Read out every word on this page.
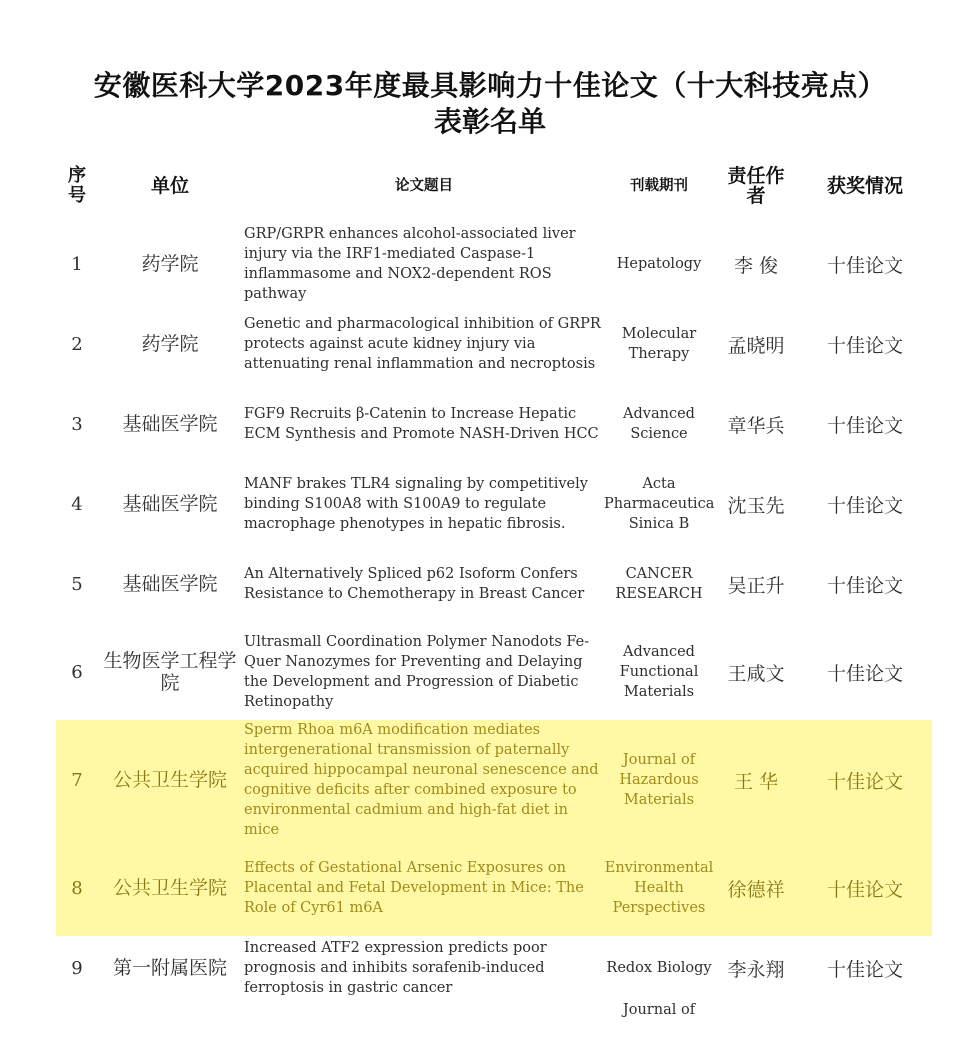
安徽医科大学2023年度最具影响力十佳论文（十大科技亮点）
表彰名单
序号	单位	论文题目	刊载期刊	责任作者	获奖情况
1	药学院	GRP/GRPR enhances alcohol-associated liver injury via the IRF1-mediated Caspase-1 inflammasome and NOX2-dependent ROS pathway	Hepatology	李 俊	十佳论文
2	药学院	Genetic and pharmacological inhibition of GRPR protects against acute kidney injury via attenuating renal inflammation and necroptosis	Molecular Therapy	孟晓明	十佳论文
3	基础医学院	FGF9 Recruits β-Catenin to Increase Hepatic ECM Synthesis and Promote NASH-Driven HCC	Advanced Science	章华兵	十佳论文
4	基础医学院	MANF brakes TLR4 signaling by competitively binding S100A8 with S100A9 to regulate macrophage phenotypes in hepatic fibrosis.	Acta Pharmaceutica Sinica B	沈玉先	十佳论文
5	基础医学院	An Alternatively Spliced p62 Isoform Confers Resistance to Chemotherapy in Breast Cancer	CANCER RESEARCH	吴正升	十佳论文
6	生物医学工程学院	Ultrasmall Coordination Polymer Nanodots Fe-Quer Nanozymes for Preventing and Delaying the Development and Progression of Diabetic Retinopathy	Advanced Functional Materials	王咸文	十佳论文
7	公共卫生学院	Sperm Rhoa m6A modification mediates intergenerational transmission of paternally acquired hippocampal neuronal senescence and cognitive deficits after combined exposure to environmental cadmium and high-fat diet in mice	Journal of Hazardous Materials	王 华	十佳论文
8	公共卫生学院	Effects of Gestational Arsenic Exposures on Placental and Fetal Development in Mice: The Role of Cyr61 m6A	Environmental Health Perspectives	徐德祥	十佳论文
9	第一附属医院	Increased ATF2 expression predicts poor prognosis and inhibits sorafenib-induced ferroptosis in gastric cancer	Redox Biology	李永翔	十佳论文
			Journal of		
